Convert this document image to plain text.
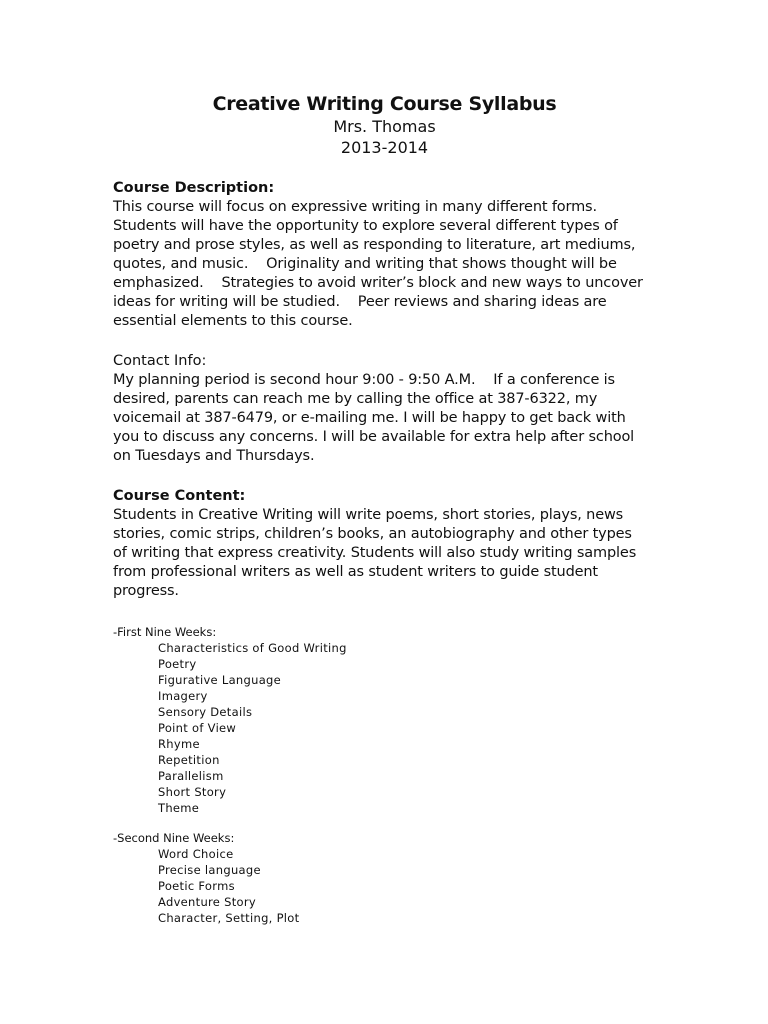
Creative Writing Course Syllabus

Mrs. Thomas

2013-2014

Course Description:

This course will focus on expressive writing in many different forms.
Students will have the opportunity to explore several different types of
poetry and prose styles, as well as responding to literature, art mediums,
quotes, and music.    Originality and writing that shows thought will be
emphasized.    Strategies to avoid writer’s block and new ways to uncover
ideas for writing will be studied.    Peer reviews and sharing ideas are
essential elements to this course.

Contact Info:

My planning period is second hour 9:00 - 9:50 A.M.    If a conference is
desired, parents can reach me by calling the office at 387-6322, my
voicemail at 387-6479, or e-mailing me. I will be happy to get back with
you to discuss any concerns. I will be available for extra help after school
on Tuesdays and Thursdays.

Course Content:

Students in Creative Writing will write poems, short stories, plays, news
stories, comic strips, children’s books, an autobiography and other types
of writing that express creativity. Students will also study writing samples
from professional writers as well as student writers to guide student
progress.

-First Nine Weeks:

Characteristics of Good Writing
Poetry
Figurative Language
Imagery
Sensory Details
Point of View
Rhyme
Repetition
Parallelism
Short Story
Theme

-Second Nine Weeks:

Word Choice
Precise language
Poetic Forms
Adventure Story
Character, Setting, Plot
